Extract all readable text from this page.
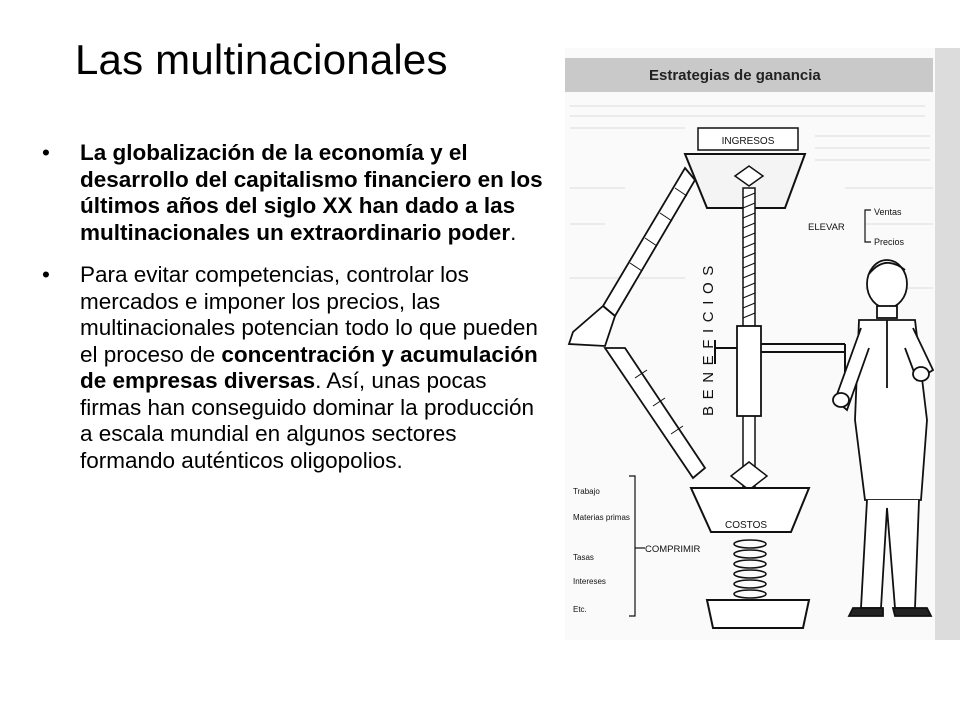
Las multinacionales
• La globalización de la economía y el desarrollo del capitalismo financiero en los últimos años del siglo XX han dado a las multinacionales un extraordinario poder.
• Para evitar competencias, controlar los mercados e imponer los precios, las multinacionales potencian todo lo que pueden el proceso de concentración y acumulación de empresas diversas. Así, unas pocas firmas han conseguido dominar la producción a escala mundial en algunos sectores formando auténticos oligopolios.
Estrategias de ganancia
INGRESOS
BENEFICIOS
ELEVAR
Ventas
Precios
COSTOS
COMPRIMIR
Trabajo
Materias primas
Tasas
Intereses
Etc.
